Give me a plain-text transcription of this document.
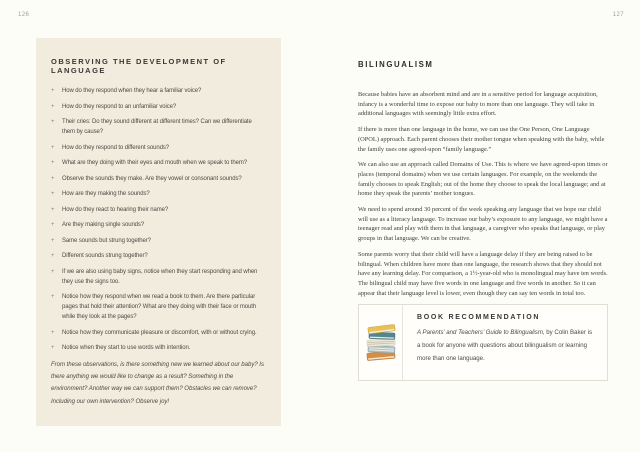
126	127
OBSERVING THE DEVELOPMENT OF LANGUAGE
+	How do they respond when they hear a familiar voice?
+	How do they respond to an unfamiliar voice?
+	Their cries: Do they sound different at different times? Can we differentiate them by cause?
+	How do they respond to different sounds?
+	What are they doing with their eyes and mouth when we speak to them?
+	Observe the sounds they make. Are they vowel or consonant sounds?
+	How are they making the sounds?
+	How do they react to hearing their name?
+	Are they making single sounds?
+	Same sounds but strung together?
+	Different sounds strung together?
+	If we are also using baby signs, notice when they start responding and when they use the signs too.
+	Notice how they respond when we read a book to them. Are there particular pages that hold their attention? What are they doing with their face or mouth while they look at the pages?
+	Notice how they communicate pleasure or discomfort, with or without crying.
+	Notice when they start to use words with intention.

From these observations, is there something new we learned about our baby? Is there anything we would like to change as a result? Something in the environment? Another way we can support them? Obstacles we can remove? Including our own intervention? Observe joy!

BILINGUALISM

Because babies have an absorbent mind and are in a sensitive period for language acquisition, infancy is a wonderful time to expose our baby to more than one language. They will take in additional languages with seemingly little extra effort.

If there is more than one language in the home, we can use the One Person, One Language (OPOL) approach. Each parent chooses their mother tongue when speaking with the baby, while the family uses one agreed-upon “family language.”

We can also use an approach called Domains of Use. This is where we have agreed-upon times or places (temporal domains) when we use certain languages. For example, on the weekends the family chooses to speak English; out of the home they choose to speak the local language; and at home they speak the parents’ mother tongues.

We need to spend around 30 percent of the week speaking any language that we hope our child will use as a literacy language. To increase our baby’s exposure to any language, we might have a teenager read and play with them in that language, a caregiver who speaks that language, or play groups in that language. We can be creative.

Some parents worry that their child will have a language delay if they are being raised to be bilingual. When children have more than one language, the research shows that they should not have any learning delay. For comparison, a 1½-year-old who is monolingual may have ten words. The bilingual child may have five words in one language and five words in another. So it can appear that their language level is lower, even though they can say ten words in total too.

BOOK RECOMMENDATION

A Parents’ and Teachers’ Guide to Bilingualism, by Colin Baker is a book for anyone with questions about bilingualism or learning more than one language.
